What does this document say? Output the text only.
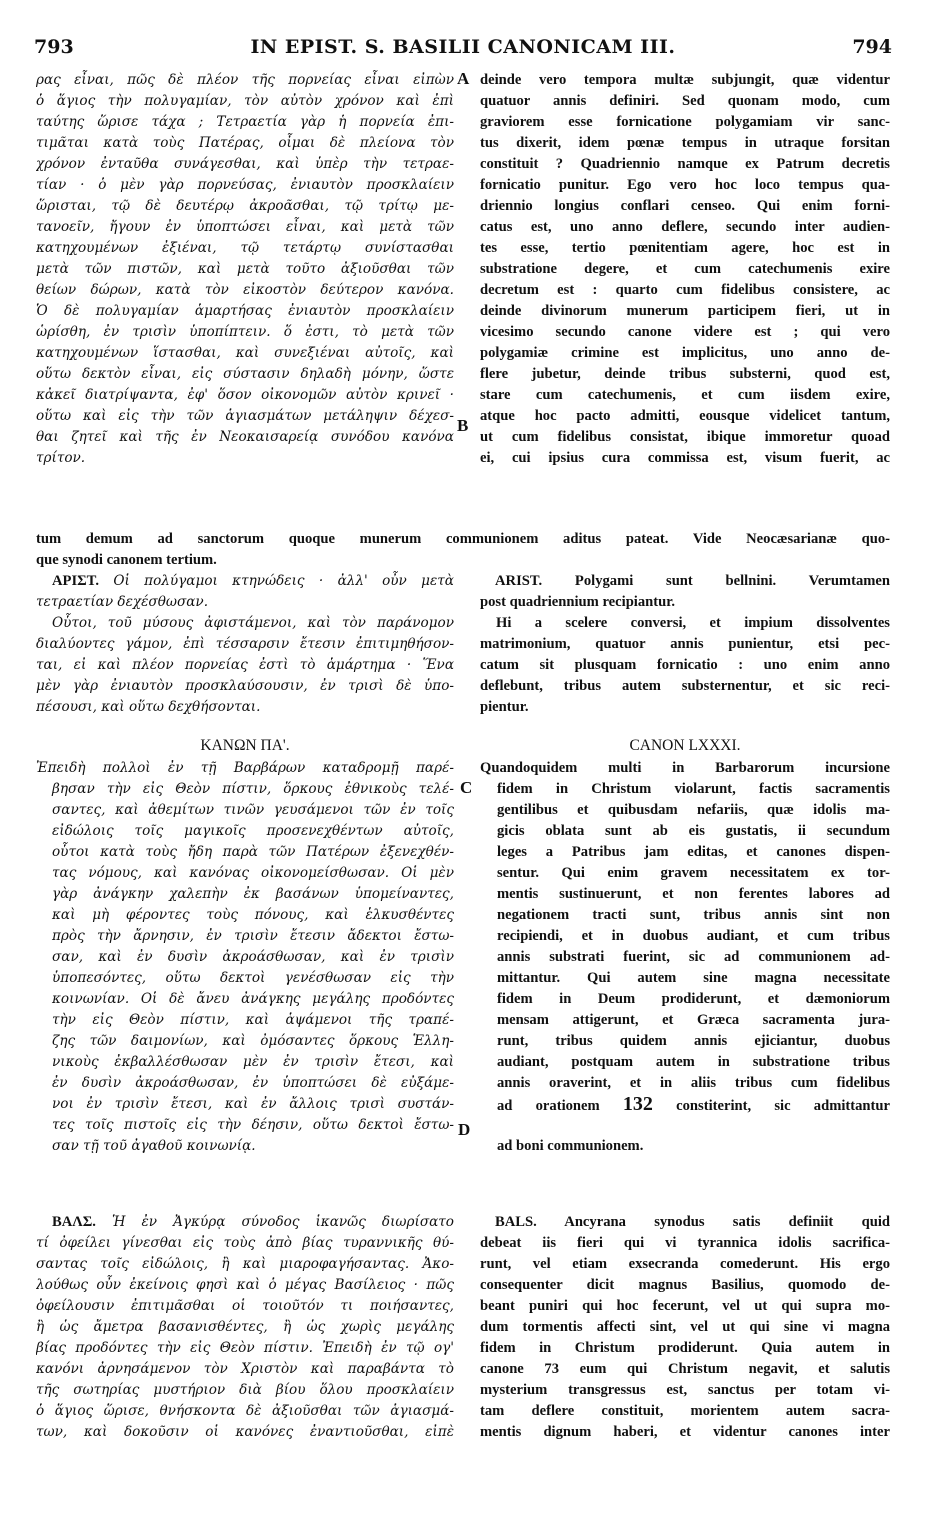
793	IN EPIST. S. BASILII CANONICAM III.	794
A
B
C
D
ρας εἶναι, πῶς δὲ πλέον τῆς πορνείας εἶναι εἰπὼν
ὁ ἅγιος τὴν πολυγαμίαν, τὸν αὐτὸν χρόνον καὶ ἐπὶ
ταύτης ὥρισε τάχα ; Τετραετία γὰρ ἡ πορνεία ἐπι-
τιμᾶται κατὰ τοὺς Πατέρας, οἶμαι δὲ πλείονα τὸν
χρόνον ἐνταῦθα συνάγεσθαι, καὶ ὑπὲρ τὴν τετραε-
τίαν · ὁ μὲν γὰρ πορνεύσας, ἐνιαυτὸν προσκλαίειν
ὥρισται, τῷ δὲ δευτέρῳ ἀκροᾶσθαι, τῷ τρίτῳ με-
τανοεῖν, ἤγουν ἐν ὑποπτώσει εἶναι, καὶ μετὰ τῶν
κατηχουμένων ἐξιέναι, τῷ τετάρτῳ συνίστασθαι
μετὰ τῶν πιστῶν, καὶ μετὰ τοῦτο ἀξιοῦσθαι τῶν
θείων δώρων, κατὰ τὸν εἰκοστὸν δεύτερον κανόνα.
Ὁ δὲ πολυγαμίαν ἁμαρτήσας ἐνιαυτὸν προσκλαίειν
ὡρίσθη, ἐν τρισὶν ὑποπίπτειν. ὅ ἐστι, τὸ μετὰ τῶν
κατηχουμένων ἵστασθαι, καὶ συνεξιέναι αὐτοῖς, καὶ
οὕτω δεκτὸν εἶναι, εἰς σύστασιν δηλαδὴ μόνην, ὥστε
κἀκεῖ διατρίψαντα, ἐφ' ὅσον οἰκονομῶν αὐτὸν κρινεῖ ·
οὕτω καὶ εἰς τὴν τῶν ἁγιασμάτων μετάληψιν δέχεσ-
θαι ζητεῖ καὶ τῆς ἐν Νεοκαισαρείᾳ συνόδου κανόνα
τρίτον.
deinde vero tempora multæ subjungit, quæ videntur
quatuor annis definiri. Sed quonam modo, cum
graviorem esse fornicatione polygamiam vir sanc-
tus dixerit, idem pœnæ tempus in utraque forsitan
constituit ? Quadriennio namque ex Patrum decretis
fornicatio punitur. Ego vero hoc loco tempus qua-
driennio longius conflari censeo. Qui enim forni-
catus est, uno anno deflere, secundo inter audien-
tes esse, tertio pœnitentiam agere, hoc est in
substratione degere, et cum catechumenis exire
decretum est : quarto cum fidelibus consistere, ac
deinde divinorum munerum participem fieri, ut in
vicesimo secundo canone videre est ; qui vero
polygamiæ crimine est implicitus, uno anno de-
flere jubetur, deinde tribus substerni, quod est,
stare cum catechumenis, et cum iisdem exire,
atque hoc pacto admitti, eousque videlicet tantum,
ut cum fidelibus consistat, ibique immoretur quoad
ei, cui ipsius cura commissa est, visum fuerit, ac
tum demum ad sanctorum quoque munerum communionem aditus pateat. Vide Neocæsarianæ quo-
que synodi canonem tertium.
ΑΡΙΣΤ. Οἱ πολύγαμοι κτηνώδεις · ἀλλ' οὖν μετὰ
τετραετίαν δεχέσθωσαν.
Οὗτοι, τοῦ μύσους ἀφιστάμενοι, καὶ τὸν παράνομον
διαλύοντες γάμον, ἐπὶ τέσσαρσιν ἔτεσιν ἐπιτιμηθήσον-
ται, εἰ καὶ πλέον πορνείας ἐστὶ τὸ ἁμάρτημα · Ἕνα
μὲν γὰρ ἐνιαυτὸν προσκλαύσουσιν, ἐν τρισὶ δὲ ὑπο-
πέσουσι, καὶ οὕτω δεχθήσονται.
ARIST. Polygami sunt bellnini. Verumtamen
post quadriennium recipiantur.
Hi a scelere conversi, et impium dissolventes
matrimonium, quatuor annis punientur, etsi pec-
catum sit plusquam fornicatio : uno enim anno
deflebunt, tribus autem substernentur, et sic reci-
pientur.
ΚΑΝΩΝ ΠΑ'.	CANON LXXXI.
Ἐπειδὴ πολλοὶ ἐν τῇ Βαρβάρων καταδρομῇ παρέ-
βησαν τὴν εἰς Θεὸν πίστιν, ὅρκους ἐθνικοὺς τελέ-
σαντες, καὶ ἀθεμίτων τινῶν γευσάμενοι τῶν ἐν τοῖς
εἰδώλοις τοῖς μαγικοῖς προσενεχθέντων αὐτοῖς,
οὗτοι κατὰ τοὺς ἤδη παρὰ τῶν Πατέρων ἐξενεχθέν-
τας νόμους, καὶ κανόνας οἰκονομείσθωσαν. Οἱ μὲν
γὰρ ἀνάγκην χαλεπὴν ἐκ βασάνων ὑπομείναντες,
καὶ μὴ φέροντες τοὺς πόνους, καὶ ἑλκυσθέντες
πρὸς τὴν ἄρνησιν, ἐν τρισὶν ἔτεσιν ἄδεκτοι ἔστω-
σαν, καὶ ἐν δυσὶν ἀκροάσθωσαν, καὶ ἐν τρισὶν
ὑποπεσόντες, οὕτω δεκτοὶ γενέσθωσαν εἰς τὴν
κοινωνίαν. Οἱ δὲ ἄνευ ἀνάγκης μεγάλης προδόντες
τὴν εἰς Θεὸν πίστιν, καὶ ἁψάμενοι τῆς τραπέ-
ζης τῶν δαιμονίων, καὶ ὀμόσαντες ὅρκους Ἑλλη-
νικοὺς ἐκβαλλέσθωσαν μὲν ἐν τρισὶν ἔτεσι, καὶ
ἐν δυσὶν ἀκροάσθωσαν, ἐν ὑποπτώσει δὲ εὐξάμε-
νοι ἐν τρισὶν ἔτεσι, καὶ ἐν ἄλλοις τρισὶ συστάν-
τες τοῖς πιστοῖς εἰς τὴν δέησιν, οὕτω δεκτοὶ ἔστω-
σαν τῇ τοῦ ἀγαθοῦ κοινωνίᾳ.
Quandoquidem multi in Barbarorum incursione
fidem in Christum violarunt, factis sacramentis
gentilibus et quibusdam nefariis, quæ idolis ma-
gicis oblata sunt ab eis gustatis, ii secundum
leges a Patribus jam editas, et canones dispen-
sentur. Qui enim gravem necessitatem ex tor-
mentis sustinuerunt, et non ferentes labores ad
negationem tracti sunt, tribus annis sint non
recipiendi, et in duobus audiant, et cum tribus
annis substrati fuerint, sic ad communionem ad-
mittantur. Qui autem sine magna necessitate
fidem in Deum prodiderunt, et dæmoniorum
mensam attigerunt, et Græca sacramenta jura-
runt, tribus quidem annis ejiciantur, duobus
audiant, postquam autem in substratione tribus
annis oraverint, et in aliis tribus cum fidelibus
ad orationem 132 constiterint, sic admittantur
ad boni communionem.
ΒΑΛΣ. Ἡ ἐν Ἀγκύρᾳ σύνοδος ἱκανῶς διωρίσατο
τί ὀφείλει γίνεσθαι εἰς τοὺς ἀπὸ βίας τυραννικῆς θύ-
σαντας τοῖς εἰδώλοις, ἢ καὶ μιαροφαγήσαντας. Ἀκο-
λούθως οὖν ἐκείνοις φησὶ καὶ ὁ μέγας Βασίλειος · πῶς
ὀφείλουσιν ἐπιτιμᾶσθαι οἱ τοιοῦτόν τι ποιήσαντες,
ἢ ὡς ἄμετρα βασανισθέντες, ἢ ὡς χωρὶς μεγάλης
βίας προδόντες τὴν εἰς Θεὸν πίστιν. Ἐπειδὴ ἐν τῷ ογ'
κανόνι ἀρνησάμενον τὸν Χριστὸν καὶ παραβάντα τὸ
τῆς σωτηρίας μυστήριον διὰ βίου ὅλου προσκλαίειν
ὁ ἅγιος ὥρισε, θνήσκοντα δὲ ἀξιοῦσθαι τῶν ἁγιασμά-
των, καὶ δοκοῦσιν οἱ κανόνες ἐναντιοῦσθαι, εἰπὲ
BALS. Ancyrana synodus satis definiit quid
debeat iis fieri qui vi tyrannica idolis sacrifica-
runt, vel etiam exsecranda comederunt. His ergo
consequenter dicit magnus Basilius, quomodo de-
beant puniri qui hoc fecerunt, vel ut qui supra mo-
dum tormentis affecti sint, vel ut qui sine vi magna
fidem in Christum prodiderunt. Quia autem in
canone 73 eum qui Christum negavit, et salutis
mysterium transgressus est, sanctus per totam vi-
tam deflere constituit, morientem autem sacra-
mentis dignum haberi, et videntur canones inter
